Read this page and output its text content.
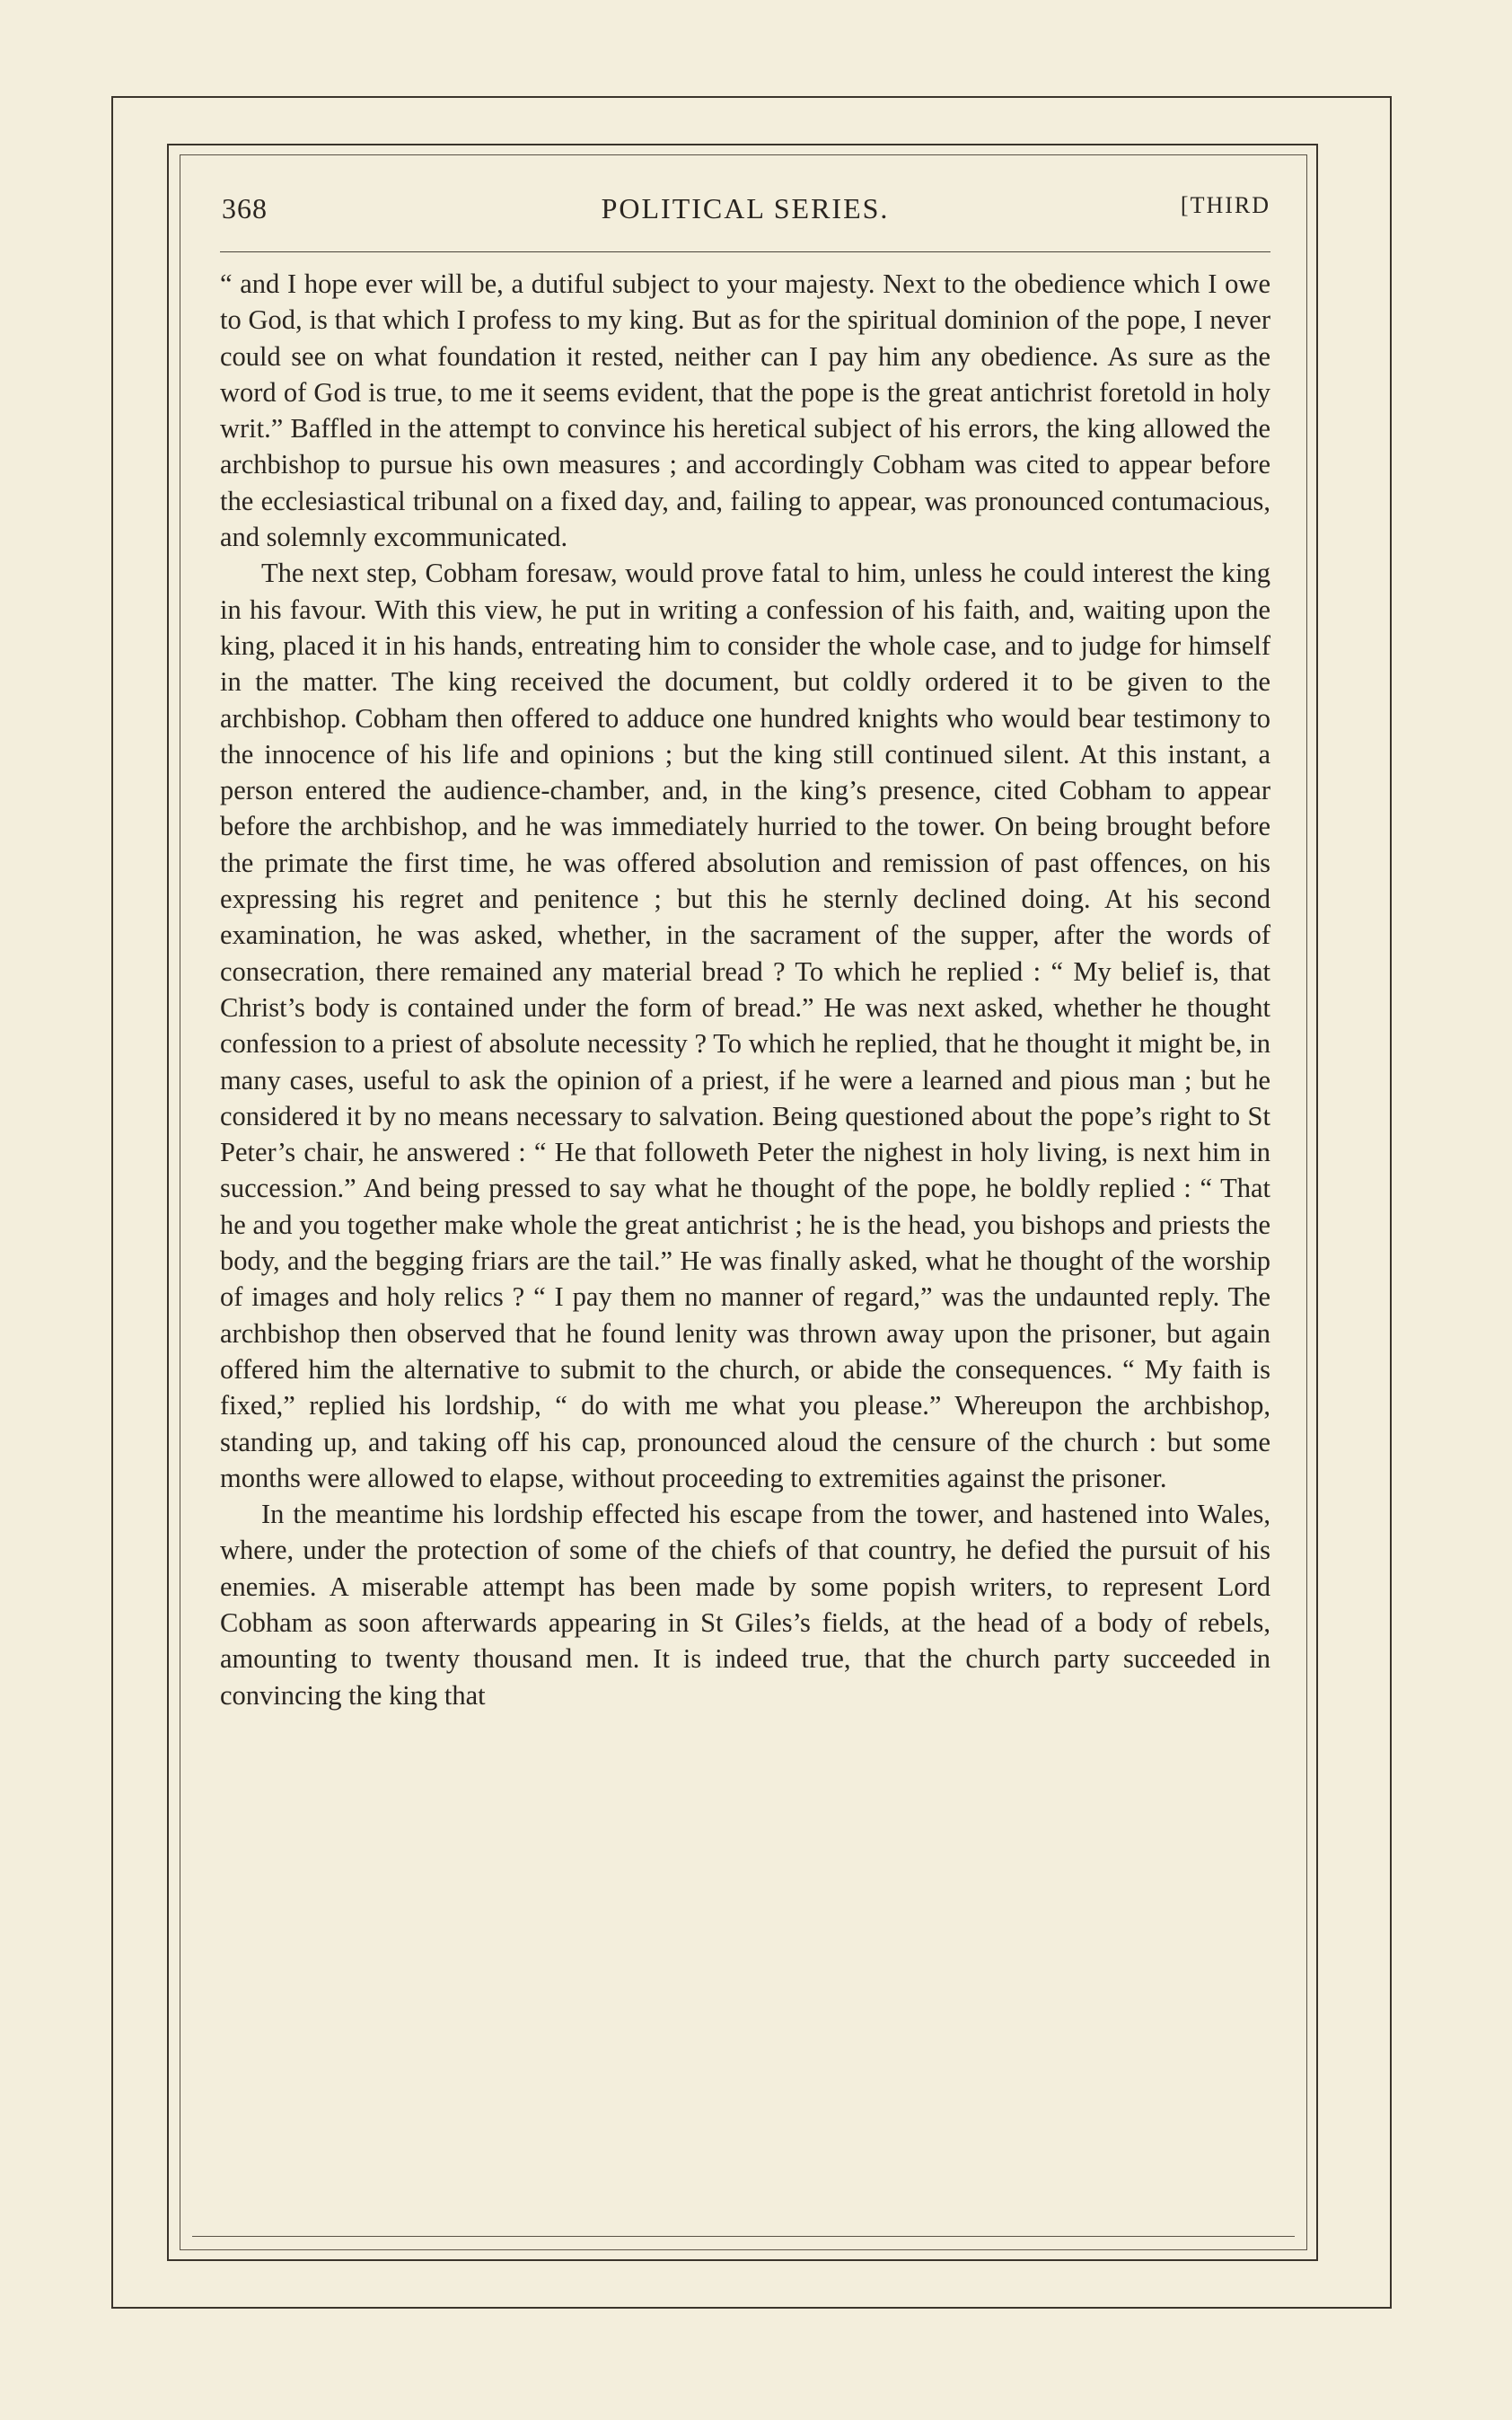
368	POLITICAL SERIES.	[THIRD

“ and I hope ever will be, a dutiful subject to your majesty. Next to the obedience which I owe to God, is that which I profess to my king. But as for the spiritual dominion of the pope, I never could see on what foundation it rested, neither can I pay him any obedience. As sure as the word of God is true, to me it seems evident, that the pope is the great antichrist foretold in holy writ.” Baffled in the attempt to convince his heretical subject of his errors, the king allowed the archbishop to pursue his own measures ; and accordingly Cobham was cited to appear before the ecclesiastical tribunal on a fixed day, and, failing to appear, was pronounced contumacious, and solemnly excommunicated.

The next step, Cobham foresaw, would prove fatal to him, unless he could interest the king in his favour. With this view, he put in writing a confession of his faith, and, waiting upon the king, placed it in his hands, entreating him to consider the whole case, and to judge for himself in the matter. The king received the document, but coldly ordered it to be given to the archbishop. Cobham then offered to adduce one hundred knights who would bear testimony to the innocence of his life and opinions ; but the king still continued silent. At this instant, a person entered the audience-chamber, and, in the king’s presence, cited Cobham to appear before the archbishop, and he was immediately hurried to the tower. On being brought before the primate the first time, he was offered absolution and remission of past offences, on his expressing his regret and penitence ; but this he sternly declined doing. At his second examination, he was asked, whether, in the sacrament of the supper, after the words of consecration, there remained any material bread ? To which he replied : “ My belief is, that Christ’s body is contained under the form of bread.” He was next asked, whether he thought confession to a priest of absolute necessity ? To which he replied, that he thought it might be, in many cases, useful to ask the opinion of a priest, if he were a learned and pious man ; but he considered it by no means necessary to salvation. Being questioned about the pope’s right to St Peter’s chair, he answered : “ He that followeth Peter the nighest in holy living, is next him in succession.” And being pressed to say what he thought of the pope, he boldly replied : “ That he and you together make whole the great antichrist ; he is the head, you bishops and priests the body, and the begging friars are the tail.” He was finally asked, what he thought of the worship of images and holy relics ? “ I pay them no manner of regard,” was the undaunted reply. The archbishop then observed that he found lenity was thrown away upon the prisoner, but again offered him the alternative to submit to the church, or abide the consequences. “ My faith is fixed,” replied his lordship, “ do with me what you please.” Whereupon the archbishop, standing up, and taking off his cap, pronounced aloud the censure of the church : but some months were allowed to elapse, without proceeding to extremities against the prisoner.

In the meantime his lordship effected his escape from the tower, and hastened into Wales, where, under the protection of some of the chiefs of that country, he defied the pursuit of his enemies. A miserable attempt has been made by some popish writers, to represent Lord Cobham as soon afterwards appearing in St Giles’s fields, at the head of a body of rebels, amounting to twenty thousand men. It is indeed true, that the church party succeeded in convincing the king that
